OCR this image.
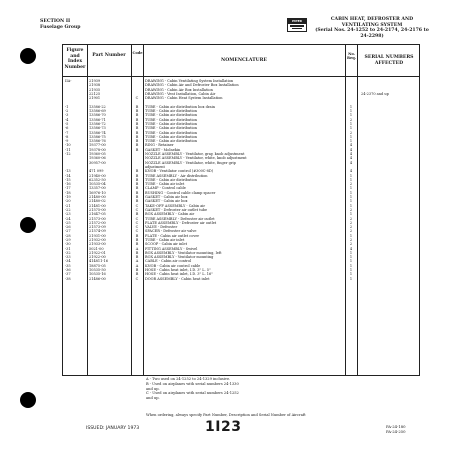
SECTION II
Fuselage Group
PIPER	CABIN HEAT, DEFROSTER AND
VENTILATING SYSTEM
(Serial Nos. 24-1252 to 24-2174, 24-2176 to 24-2298)
Figure and Index Number
Part Number	Code
NOMENCLATURE
No. Req.	SERIAL NUMBERS AFFECTED
IIA-	21939	DRAWING - Cabin Ventilating System Installation
21938	DRAWING - Cabin Air and Defroster Box Installation
21935	DRAWING - Cabin Air Box Installation
22125	DRAWING - Vent Installation, Cabin Air	24-2370 and up
21901	C	DRAWING - Cabin Heat System Installation
-1	13586-22	B	TUBE - Cabin air distribution box drain	1
-2	13586-69	B	TUBE - Cabin air distribution	1
-3	13586-70	B	TUBE - Cabin air distribution	1
-4	13586-71	B	TUBE - Cabin air distribution	2
-5	13586-72	B	TUBE - Cabin air distribution	1
-6	13586-73	B	TUBE - Cabin air distribution	1
-7	13586-74	B	TUBE - Cabin air distribution	2
-8	13586-75	B	TUBE - Cabin air distribution	1
-9	13586-76	B	TUBE - Cabin air distribution	1
-10	19377-00	B	RING - Retainer	4
-11	19378-00	B	GASKET - Molnekin	4
-12	19360-05	NOZZLE ASSEMBLY - Ventilator, gray, knob adjustment	4
19360-06	NOZZLE ASSEMBLY - Ventilator, white, knob adjustment	4
30957-00	NOZZLE ASSEMBLY - Ventilator, white, finger grip	4
adjustment
-13	471 099	B	KNOB - Ventilator control (#300C-8D)	4
-14	21940-00	B	TUBE ASSEMBLY - Air distribution	1
-15	62352-50	B	TUBE - Cabin air distribution	1
-16	10535-04	B	TUBE - Cabin air inlet	2
-17	13357-00	B	CLAMP - Control cable	1
-18	16976-10	B	BUSHING - Control cable clamp spacer	1
-19	21480-00	B	GASKET - Cabin air box	1
-20	21480-02	B	GASKET - Cabin air box	1
-21	21481-00	C	TAKE-OFF ASSEMBLY - Cabin air	1
-22	21575-00	C	GASKET - Defroster air outlet tube	2
-23	21647-05	B	BOX ASSEMBLY - Cabin air	1
-24	21573-00	C	TUBE ASSEMBLY - Defroster air outlet	2
-25	21572-00	C	PLATE ASSEMBLY - Defroster air outlet	2
-26	21573-09	C	VALVE - Defroster	2
-27	21574-09	C	SPACER - Defroster air valve	2
-28	21931-00	B	PLATE - Cabin air outlet cover	1
-29	21932-00	B	TUBE - Cabin air inlet	2
-30	21933-00	B	SCOOP - Cabin air inlet	2
-31	5021-00	A	FITTING ASSEMBLY - Swivel	4
-32	21922-01	B	BOX ASSEMBLY - Ventilator mounting, left	1
-33	21922-00	B	BOX ASSEMBLY - Ventilator mounting	1
-34	414811-16	A	CABLE - Cabin air control	1
-35	18875-05	A	KNOB - Cabin air control cable	1
-36	10535-50	B	HOSE - Cabin heat inlet, I.D. 3" L. 5"	1
-37	10535-16	B	HOSE - Cabin heat inlet, I.D. 3" L. 16"	1
-38	21486-00	C	DOOR ASSEMBLY - Cabin heat inlet	1
A - Two used on 24-1252 to 24-1329 inclusive.
B - Used on airplanes with serial numbers 24-1330
and up.
C - Used on airplanes with serial numbers 24-1252
and up.
When ordering, always specify Part Number, Description and Serial Number of Aircraft
ISSUED: JANUARY 1973	1I23	PA-24-180
PA-24-250
